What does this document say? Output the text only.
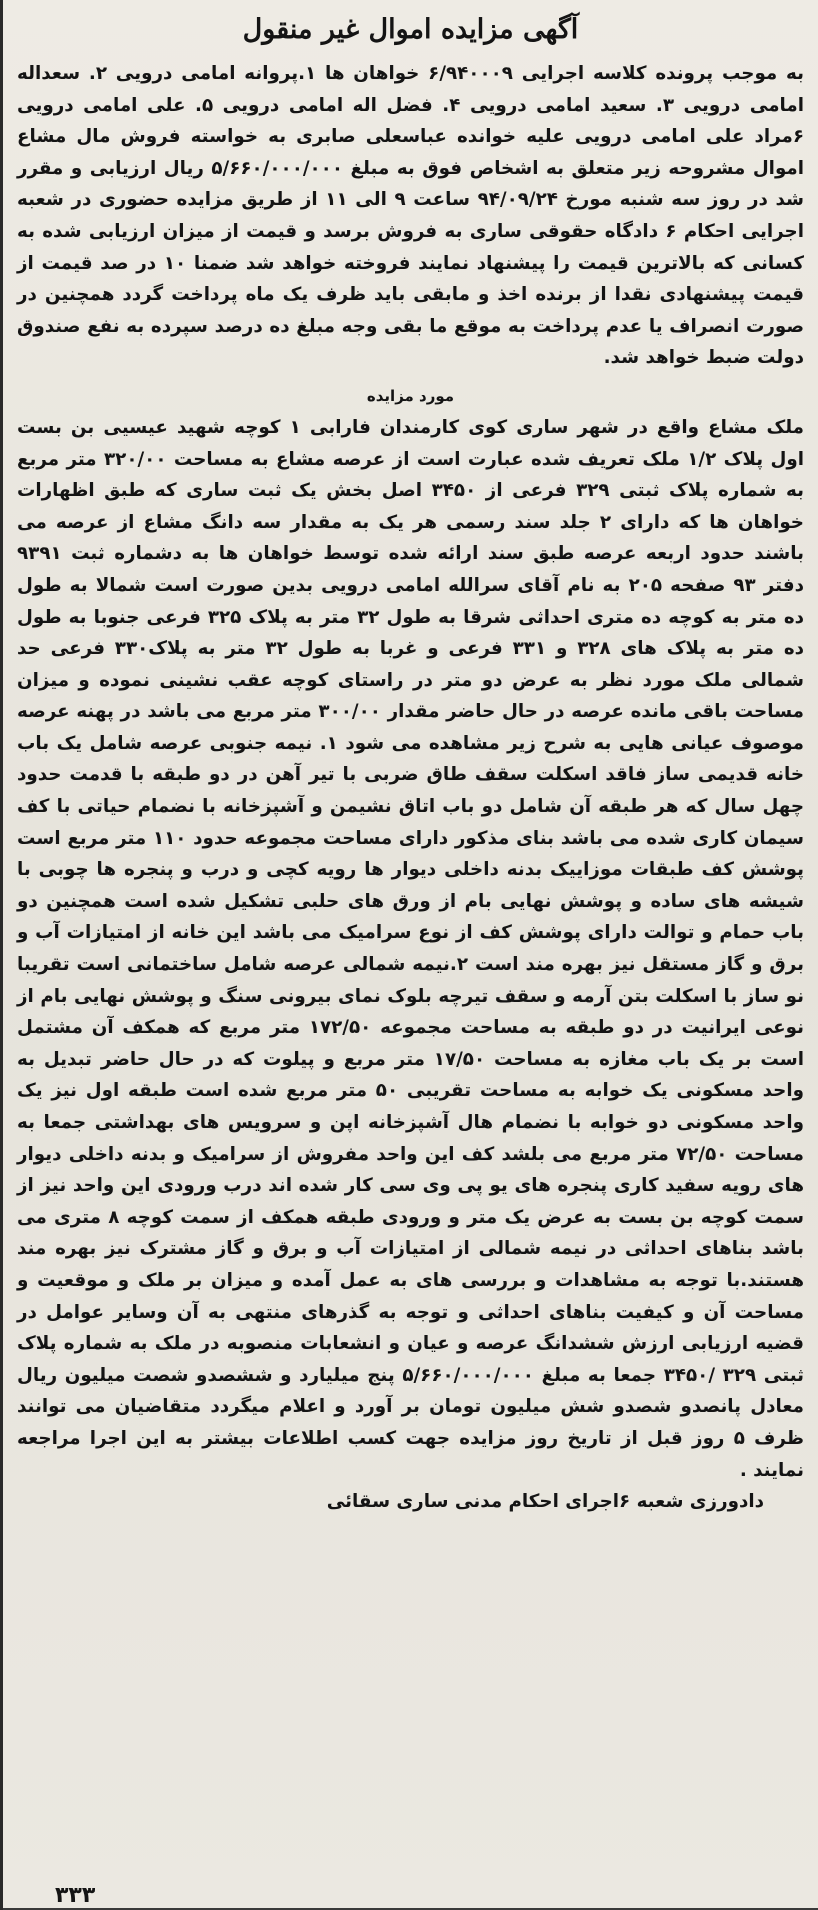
آگهی مزایده اموال غیر منقول

به موجب پرونده کلاسه اجرایی ۶/۹۴۰۰۰۹ خواهان ها ۱.پروانه امامی درویی ۲. سعداله امامی درویی ۳. سعید امامی درویی ۴. فضل اله امامی درویی ۵. علی امامی درویی ۶مراد علی امامی درویی علیه خوانده عباسعلی صابری به خواسته فروش مال مشاع اموال مشروحه زیر متعلق به اشخاص فوق به مبلغ ۵/۶۶۰/۰۰۰/۰۰۰ ریال ارزیابی و مقرر شد در روز سه شنبه مورخ ۹۴/۰۹/۲۴ ساعت ۹ الی ۱۱ از طریق مزایده حضوری در شعبه اجرایی احکام ۶ دادگاه حقوقی ساری به فروش برسد و قیمت از میزان ارزیابی شده به کسانی که بالاترین قیمت را پیشنهاد نمایند فروخته خواهد شد ضمنا ۱۰ در صد قیمت از قیمت پیشنهادی نقدا از برنده اخذ و مابقی باید ظرف یک ماه پرداخت گردد همچنین در صورت انصراف یا عدم پرداخت به موقع ما بقی وجه مبلغ ده درصد سپرده به نفع صندوق دولت ضبط خواهد شد.

مورد مزایده

ملک مشاع واقع در شهر ساری کوی کارمندان فارابی ۱ کوچه شهید عیسیی بن بست اول پلاک ۱/۲ ملک تعریف شده عبارت است از عرصه مشاع به مساحت ۳۲۰/۰۰ متر مربع به شماره پلاک ثبتی ۳۲۹ فرعی از ۳۴۵۰ اصل بخش یک ثبت ساری که طبق اظهارات خواهان ها که دارای ۲ جلد سند رسمی هر یک به مقدار سه دانگ مشاع از عرصه می باشند حدود اربعه عرصه طبق سند ارائه شده توسط خواهان ها به دشماره ثبت ۹۳۹۱ دفتر ۹۳ صفحه ۲۰۵ به نام آقای سرالله امامی درویی بدین صورت است شمالا به طول ده متر به کوچه ده متری احداثی شرقا به طول ۳۲ متر به پلاک ۳۲۵ فرعی جنوبا به طول ده متر به پلاک های ۳۲۸ و ۳۳۱ فرعی و غربا به طول ۳۲ متر به پلاک۳۳۰ فرعی حد شمالی ملک مورد نظر به عرض دو متر در راستای کوچه عقب نشینی نموده و میزان مساحت باقی مانده عرصه در حال حاضر مقدار ۳۰۰/۰۰ متر مربع می باشد در پهنه عرصه موصوف عیانی هایی به شرح زیر مشاهده می شود ۱. نیمه جنوبی عرصه شامل یک باب خانه قدیمی ساز فاقد اسکلت سقف طاق ضربی با تیر آهن در دو طبقه با قدمت حدود چهل سال که هر طبقه آن شامل دو باب اتاق نشیمن و آشپزخانه با نضمام حیاتی با کف سیمان کاری شده می باشد بنای مذکور دارای مساحت مجموعه حدود ۱۱۰ متر مربع است پوشش کف طبقات موزاییک بدنه داخلی دیوار ها رویه کچی و درب و پنجره ها چوبی با شیشه های ساده و پوشش نهایی بام از ورق های حلبی تشکیل شده است همچنین دو باب حمام و توالت دارای پوشش کف از نوع سرامیک می باشد این خانه از امتیازات آب و برق و گاز مستقل نیز بهره مند است ۲.نیمه شمالی عرصه شامل ساختمانی است تقریبا نو ساز با اسکلت بتن آرمه و سقف تیرچه بلوک نمای بیرونی سنگ و پوشش نهایی بام از نوعی ایرانیت در دو طبقه به مساحت مجموعه ۱۷۲/۵۰ متر مربع که همکف آن مشتمل است بر یک باب مغازه به مساحت ۱۷/۵۰ متر مربع و پیلوت که در حال حاضر تبدیل به واحد مسکونی یک خوابه به مساحت تقریبی ۵۰ متر مربع شده است طبقه اول نیز یک واحد مسکونی دو خوابه با نضمام هال آشپزخانه اپن و سرویس های بهداشتی جمعا به مساحت ۷۲/۵۰ متر مربع می بلشد کف این واحد مفروش از سرامیک و بدنه داخلی دیوار های رویه سفید کاری پنجره های یو پی وی سی کار شده اند درب ورودی این واحد نیز از سمت کوچه بن بست به عرض یک متر و ورودی طبقه همکف از سمت کوچه ۸ متری می باشد بناهای احداثی در نیمه شمالی از امتیازات آب و برق و گاز مشترک نیز بهره مند هستند.با توجه به مشاهدات و بررسی های به عمل آمده و میزان بر ملک و موقعیت و مساحت آن و کیفیت بناهای احداثی و توجه به گذرهای منتهی به آن وسایر عوامل در قضیه ارزیابی ارزش ششدانگ عرصه و عیان و انشعابات منصوبه در ملک به شماره پلاک ثبتی ۳۲۹ /۳۴۵۰ جمعا به مبلغ ۵/۶۶۰/۰۰۰/۰۰۰ پنج میلیارد و ششصدو شصت میلیون ریال معادل پانصدو شصدو شش میلیون تومان بر آورد و اعلام میگردد متقاضیان می توانند ظرف ۵ روز قبل از تاریخ روز مزایده جهت کسب اطلاعات بیشتر به این اجرا مراجعه نمایند .

دادورزی شعبه ۶اجرای احکام مدنی ساری سقائی

۳۳۳
